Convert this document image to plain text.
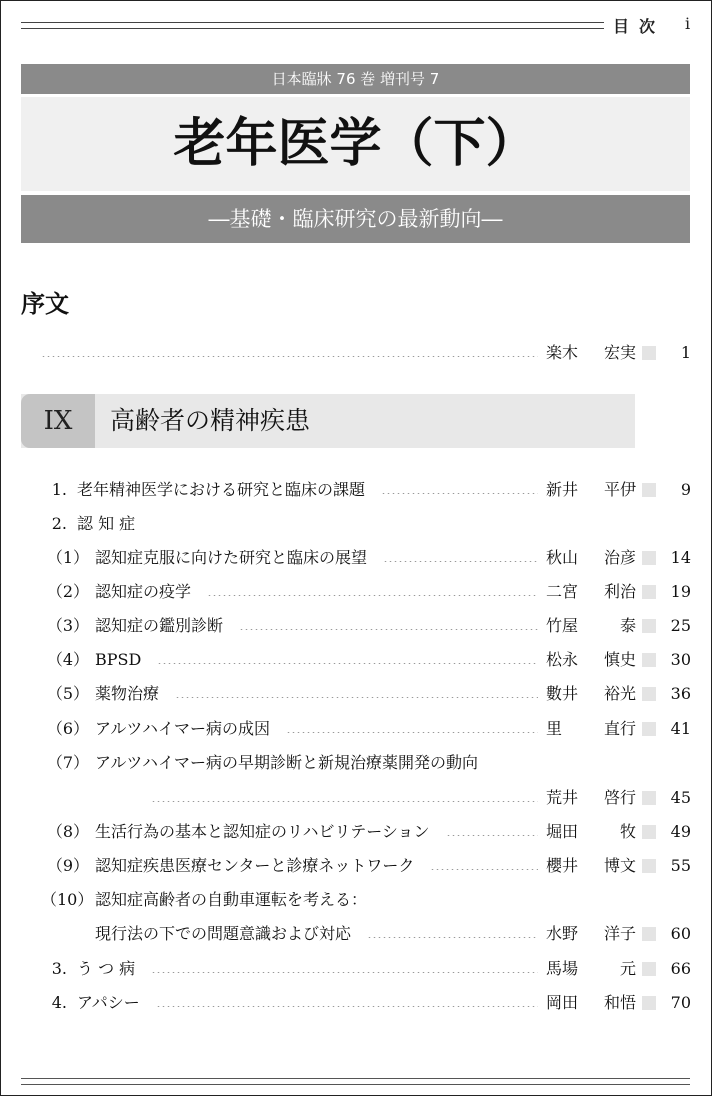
目次 i
日本臨牀 76 巻 増刊号 7
老年医学（下）
―基礎・臨床研究の最新動向―
序文
楽木	宏実	1
IX	高齢者の精神疾患
1. 老年精神医学における研究と臨床の課題	新井	平伊	9
2. 認 知 症
（1） 認知症克服に向けた研究と臨床の展望	秋山	治彦	14
（2） 認知症の疫学	二宮	利治	19
（3） 認知症の鑑別診断	竹屋	泰	25
（4） BPSD	松永	慎史	30
（5） 薬物治療	數井	裕光	36
（6） アルツハイマー病の成因	里	直行	41
（7） アルツハイマー病の早期診断と新規治療薬開発の動向
荒井	啓行	45
（8） 生活行為の基本と認知症のリハビリテーション	堀田	牧	49
（9） 認知症疾患医療センターと診療ネットワーク	櫻井	博文	55
（10） 認知症高齢者の自動車運転を考える：
現行法の下での問題意識および対応	水野	洋子	60
3. う つ 病	馬場	元	66
4. アパシー	岡田	和悟	70
